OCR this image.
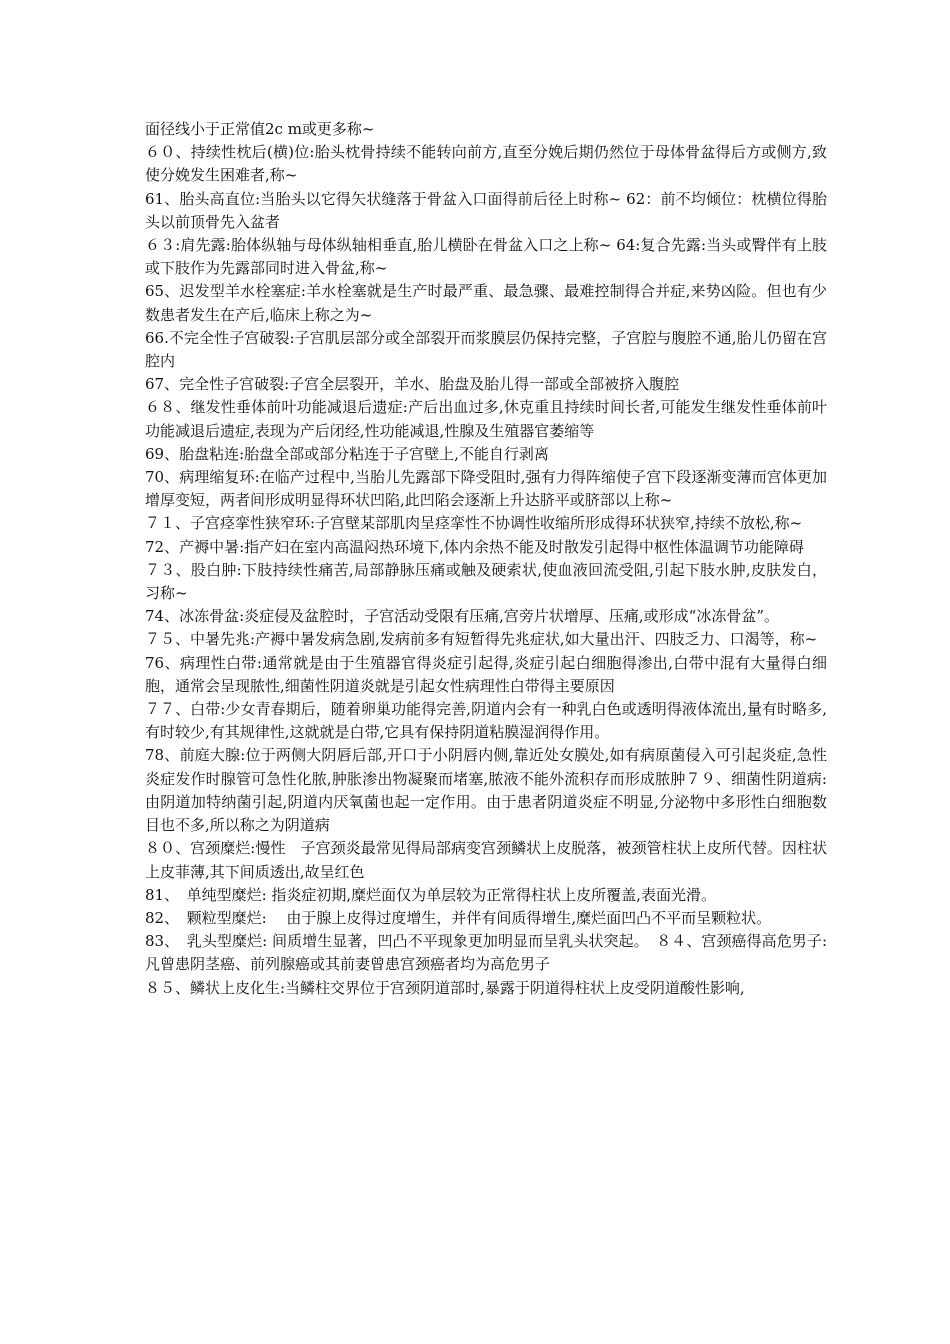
面径线小于正常值2c m或更多称~

６０、持续性枕后(横)位:胎头枕骨持续不能转向前方,直至分娩后期仍然位于母体骨盆得后方或侧方,致使分娩发生困难者,称~

61、胎头高直位:当胎头以它得矢状缝落于骨盆入口面得前后径上时称~ 62：前不均倾位：枕横位得胎头以前顶骨先入盆者

６３:肩先露:胎体纵轴与母体纵轴相垂直,胎儿横卧在骨盆入口之上称~ 64:复合先露:当头或臀伴有上肢或下肢作为先露部同时进入骨盆,称~

65、迟发型羊水栓塞症:羊水栓塞就是生产时最严重、最急骤、最难控制得合并症,来势凶险。但也有少数患者发生在产后,临床上称之为~

66.不完全性子宫破裂:子宫肌层部分或全部裂开而浆膜层仍保持完整，子宫腔与腹腔不通,胎儿仍留在宫腔内

67、完全性子宫破裂:子宫全层裂开，羊水、胎盘及胎儿得一部或全部被挤入腹腔

６８、继发性垂体前叶功能减退后遗症:产后出血过多,休克重且持续时间长者,可能发生继发性垂体前叶功能减退后遗症,表现为产后闭经,性功能减退,性腺及生殖器官萎缩等

69、胎盘粘连:胎盘全部或部分粘连于子宫壁上,不能自行剥离

70、病理缩复环:在临产过程中,当胎儿先露部下降受阻时,强有力得阵缩使子宫下段逐渐变薄而宫体更加增厚变短，两者间形成明显得环状凹陷,此凹陷会逐渐上升达脐平或脐部以上称~

７１、子宫痉挛性狭窄环:子宫壁某部肌肉呈痉挛性不协调性收缩所形成得环状狭窄,持续不放松,称~

72、产褥中暑:指产妇在室内高温闷热环境下,体内余热不能及时散发引起得中枢性体温调节功能障碍

７３、股白肿:下肢持续性痛苦,局部静脉压痛或触及硬索状,使血液回流受阻,引起下肢水肿,皮肤发白，习称~

74、冰冻骨盆:炎症侵及盆腔时，子宫活动受限有压痛,宫旁片状增厚、压痛,或形成“冰冻骨盆”。

７５、中暑先兆:产褥中暑发病急剧,发病前多有短暂得先兆症状,如大量出汗、四肢乏力、口渴等，称~

76、病理性白带:通常就是由于生殖器官得炎症引起得,炎症引起白细胞得渗出,白带中混有大量得白细胞，通常会呈现脓性,细菌性阴道炎就是引起女性病理性白带得主要原因

７７、白带:少女青春期后，随着卵巢功能得完善,阴道内会有一种乳白色或透明得液体流出,量有时略多,有时较少,有其规律性,这就就是白带,它具有保持阴道粘膜湿润得作用。

78、前庭大腺:位于两侧大阴唇后部,开口于小阴唇内侧,靠近处女膜处,如有病原菌侵入可引起炎症,急性炎症发作时腺管可急性化脓,肿胀渗出物凝聚而堵塞,脓液不能外流积存而形成脓肿７９、细菌性阴道病:由阴道加特纳菌引起,阴道内厌氧菌也起一定作用。由于患者阴道炎症不明显,分泌物中多形性白细胞数目也不多,所以称之为阴道病

８０、宫颈糜烂:慢性　子宫颈炎最常见得局部病变宫颈鳞状上皮脱落，被颈管柱状上皮所代替。因柱状上皮菲薄,其下间质透出,故呈红色

81、　单纯型糜烂: 指炎症初期,糜烂面仅为单层较为正常得柱状上皮所覆盖,表面光滑。

82、　颗粒型糜烂:　 由于腺上皮得过度增生，并伴有间质得增生,糜烂面凹凸不平而呈颗粒状。

83、　乳头型糜烂: 间质增生显著，凹凸不平现象更加明显而呈乳头状突起。　８４、宫颈癌得高危男子:凡曾患阴茎癌、前列腺癌或其前妻曾患宫颈癌者均为高危男子

８５、鳞状上皮化生:当鳞柱交界位于宫颈阴道部时,暴露于阴道得柱状上皮受阴道酸性影响,
